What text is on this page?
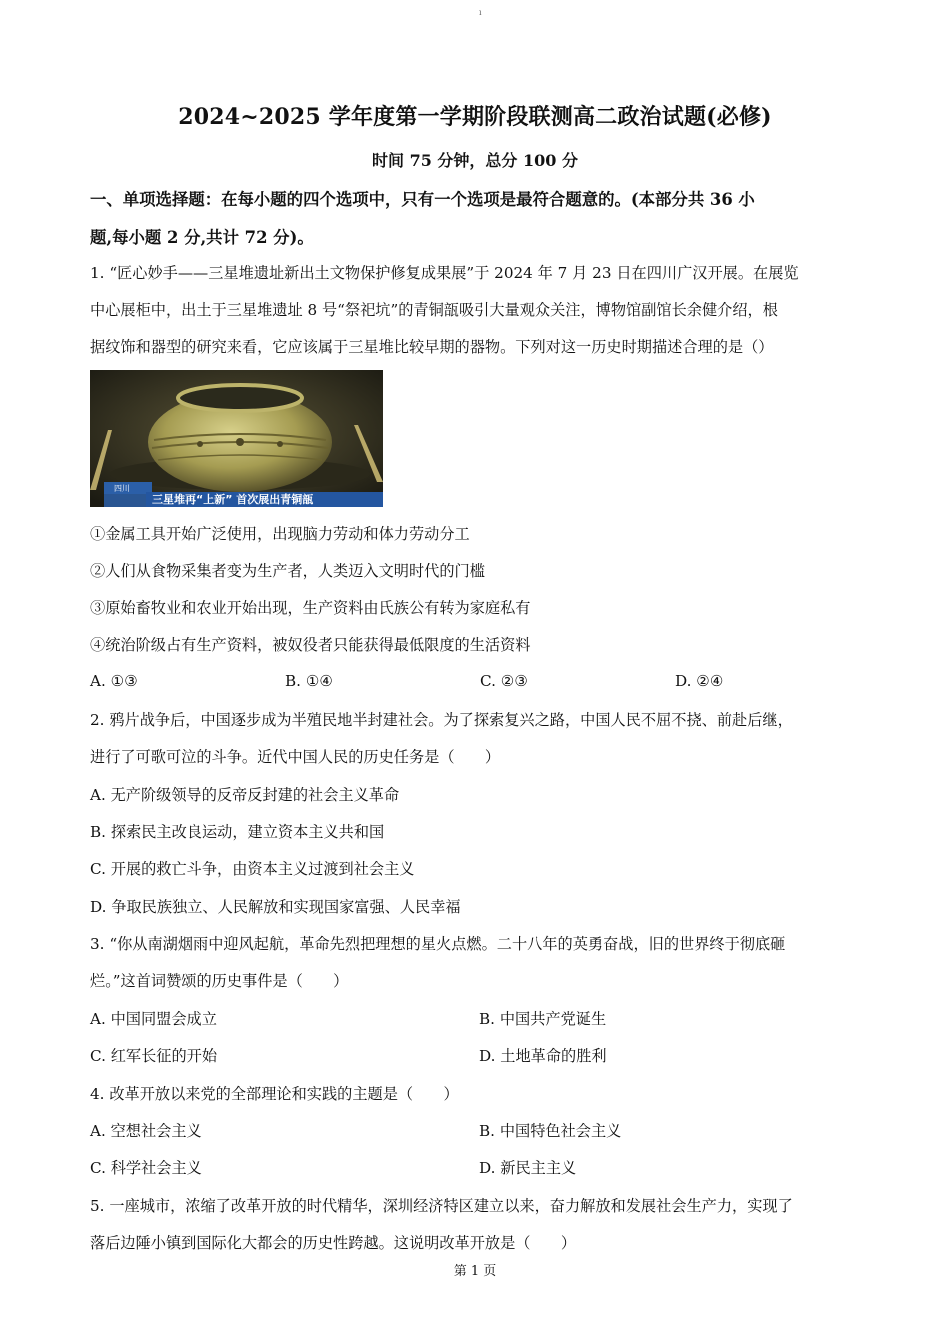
ı
2024~2025 学年度第一学期阶段联测高二政治试题(必修)
时间 75 分钟，总分 100 分
一、单项选择题：在每小题的四个选项中，只有一个选项是最符合题意的。(本部分共 36 小
题,每小题 2 分,共计 72 分)。
1. “匠心妙手——三星堆遗址新出土文物保护修复成果展”于 2024 年 7 月 23 日在四川广汉开展。在展览
中心展柜中，出土于三星堆遗址 8 号“祭祀坑”的青铜瓿吸引大量观众关注，博物馆副馆长余健介绍，根
据纹饰和器型的研究来看，它应该属于三星堆比较早期的器物。下列对这一历史时期描述合理的是（）
四川
三星堆再“上新” 首次展出青铜瓿
①金属工具开始广泛使用，出现脑力劳动和体力劳动分工
②人们从食物采集者变为生产者，人类迈入文明时代的门槛
③原始畜牧业和农业开始出现，生产资料由氏族公有转为家庭私有
④统治阶级占有生产资料，被奴役者只能获得最低限度的生活资料
A. ①③	B. ①④	C. ②③	D. ②④
2. 鸦片战争后，中国逐步成为半殖民地半封建社会。为了探索复兴之路，中国人民不屈不挠、前赴后继，
进行了可歌可泣的斗争。近代中国人民的历史任务是（　　）
A. 无产阶级领导的反帝反封建的社会主义革命
B. 探索民主改良运动，建立资本主义共和国
C. 开展的救亡斗争，由资本主义过渡到社会主义
D. 争取民族独立、人民解放和实现国家富强、人民幸福
3. “你从南湖烟雨中迎风起航，革命先烈把理想的星火点燃。二十八年的英勇奋战，旧的世界终于彻底砸
烂。”这首词赞颂的历史事件是（　　）
A. 中国同盟会成立	B. 中国共产党诞生
C. 红军长征的开始	D. 土地革命的胜利
4. 改革开放以来党的全部理论和实践的主题是（　　）
A. 空想社会主义	B. 中国特色社会主义
C. 科学社会主义	D. 新民主主义
5. 一座城市，浓缩了改革开放的时代精华，深圳经济特区建立以来，奋力解放和发展社会生产力，实现了
落后边陲小镇到国际化大都会的历史性跨越。这说明改革开放是（　　）
第 1 页
